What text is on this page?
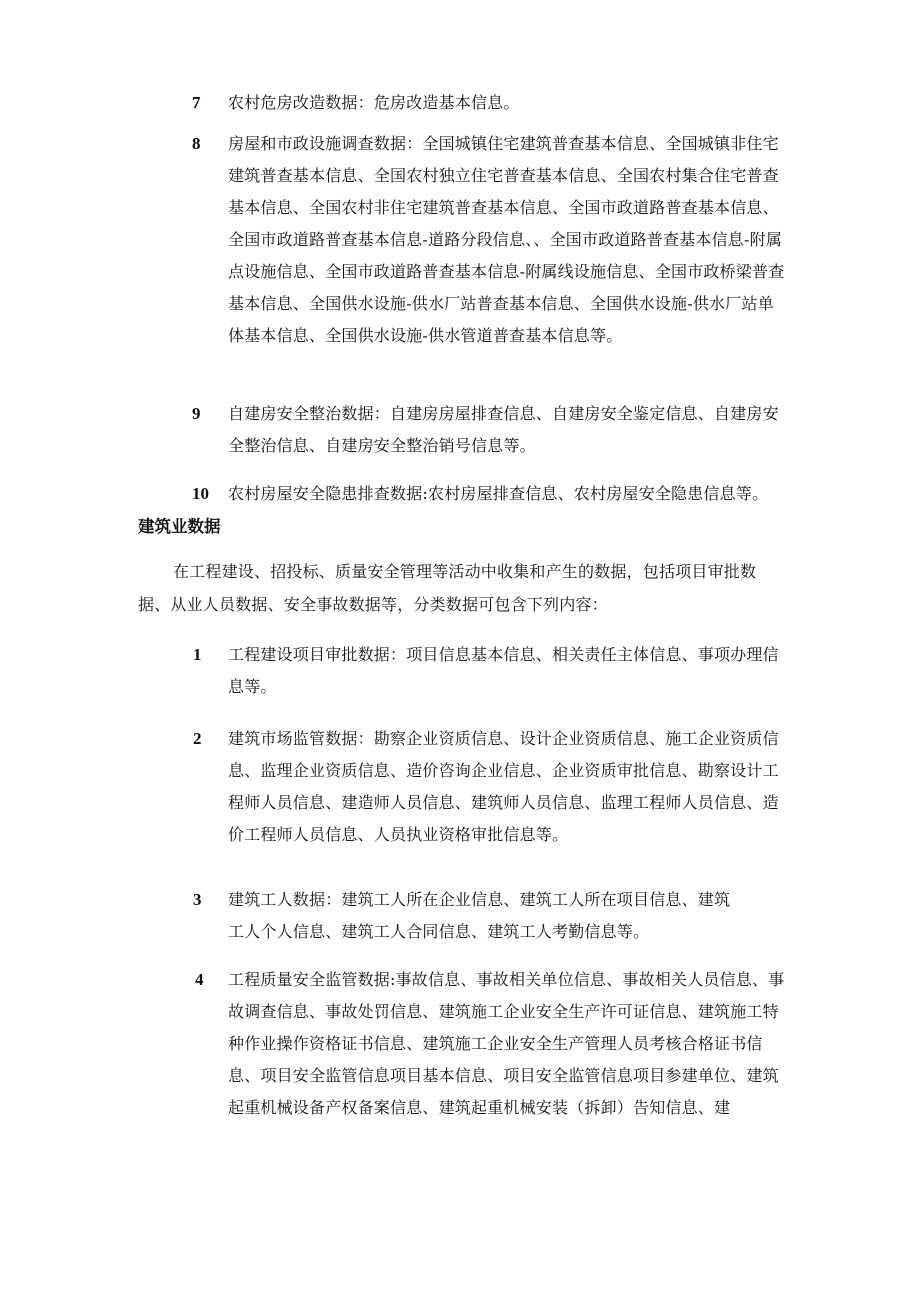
7	农村危房改造数据：危房改造基本信息。
8	房屋和市政设施调查数据：全国城镇住宅建筑普查基本信息、全国城镇非住宅建筑普查基本信息、全国农村独立住宅普查基本信息、全国农村集合住宅普查基本信息、全国农村非住宅建筑普查基本信息、全国市政道路普查基本信息、全国市政道路普查基本信息-道路分段信息、、全国市政道路普查基本信息-附属点设施信息、全国市政道路普查基本信息-附属线设施信息、全国市政桥梁普查基本信息、全国供水设施-供水厂站普查基本信息、全国供水设施-供水厂站单体基本信息、全国供水设施-供水管道普查基本信息等。
9	自建房安全整治数据：自建房房屋排查信息、自建房安全鉴定信息、自建房安全整治信息、自建房安全整治销号信息等。
10	农村房屋安全隐患排查数据:农村房屋排查信息、农村房屋安全隐患信息等。
建筑业数据
在工程建设、招投标、质量安全管理等活动中收集和产生的数据，包括项目审批数据、从业人员数据、安全事故数据等，分类数据可包含下列内容：
1	工程建设项目审批数据：项目信息基本信息、相关责任主体信息、事项办理信息等。
2	建筑市场监管数据：勘察企业资质信息、设计企业资质信息、施工企业资质信息、监理企业资质信息、造价咨询企业信息、企业资质审批信息、勘察设计工程师人员信息、建造师人员信息、建筑师人员信息、监理工程师人员信息、造价工程师人员信息、人员执业资格审批信息等。
3	建筑工人数据：建筑工人所在企业信息、建筑工人所在项目信息、建筑工人个人信息、建筑工人合同信息、建筑工人考勤信息等。
4	工程质量安全监管数据:事故信息、事故相关单位信息、事故相关人员信息、事故调查信息、事故处罚信息、建筑施工企业安全生产许可证信息、建筑施工特种作业操作资格证书信息、建筑施工企业安全生产管理人员考核合格证书信息、项目安全监管信息项目基本信息、项目安全监管信息项目参建单位、建筑起重机械设备产权备案信息、建筑起重机械安装（拆卸）告知信息、建
